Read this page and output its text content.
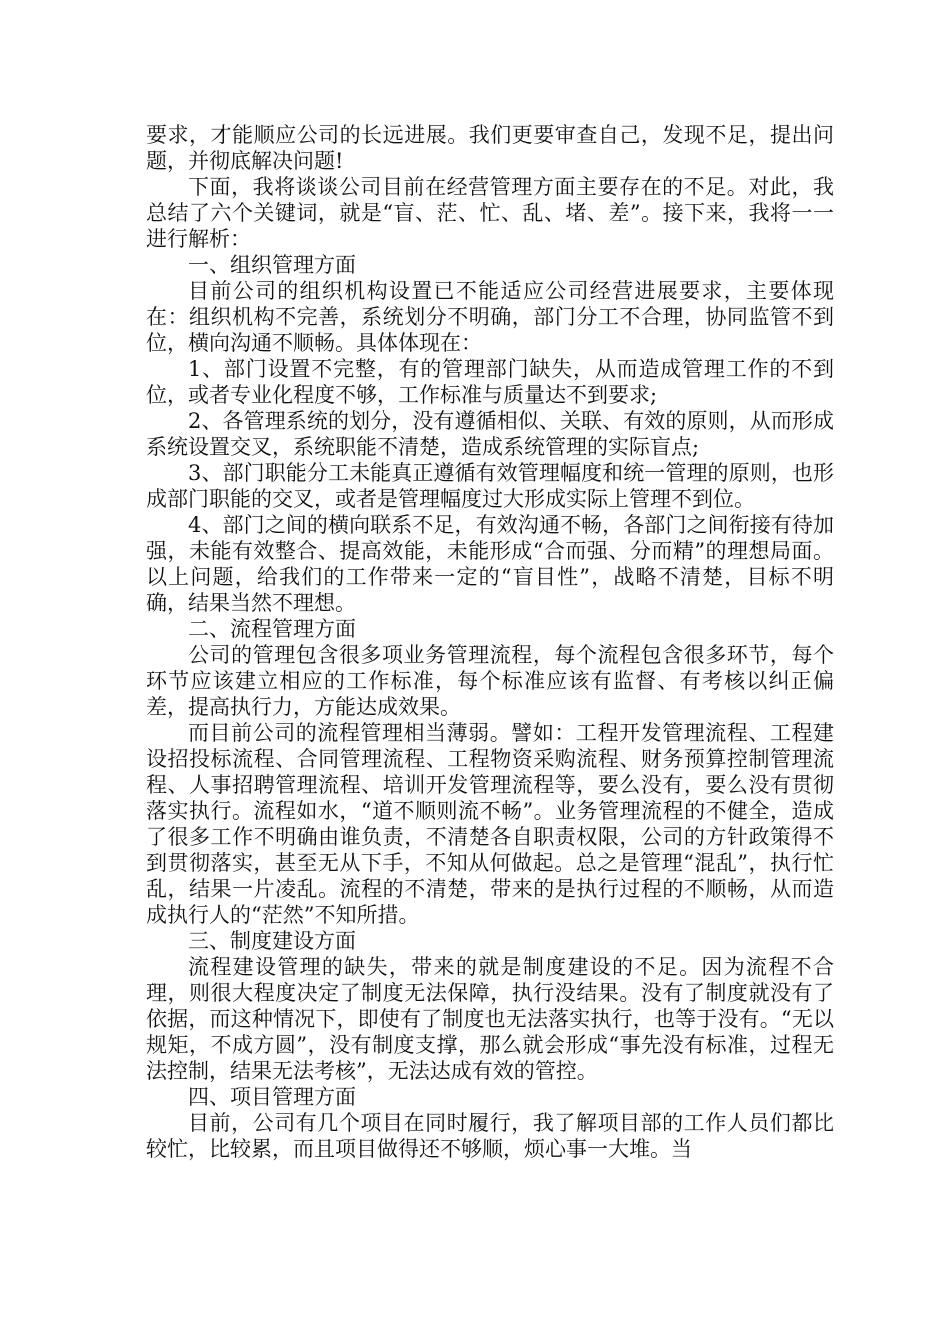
要求，才能顺应公司的长远进展。我们更要审查自己，发现不足，提出问题，并彻底解决问题!

下面，我将谈谈公司目前在经营管理方面主要存在的不足。对此，我总结了六个关键词，就是“盲、茫、忙、乱、堵、差”。接下来，我将一一进行解析：

一、组织管理方面

目前公司的组织机构设置已不能适应公司经营进展要求，主要体现在：组织机构不完善，系统划分不明确，部门分工不合理，协同监管不到位，横向沟通不顺畅。具体体现在：

1、部门设置不完整，有的管理部门缺失，从而造成管理工作的不到位，或者专业化程度不够，工作标准与质量达不到要求;

2、各管理系统的划分，没有遵循相似、关联、有效的原则，从而形成系统设置交叉，系统职能不清楚，造成系统管理的实际盲点;

3、部门职能分工未能真正遵循有效管理幅度和统一管理的原则，也形成部门职能的交叉，或者是管理幅度过大形成实际上管理不到位。

4、部门之间的横向联系不足，有效沟通不畅，各部门之间衔接有待加强，未能有效整合、提高效能，未能形成“合而强、分而精”的理想局面。以上问题，给我们的工作带来一定的“盲目性”，战略不清楚，目标不明确，结果当然不理想。

二、流程管理方面

公司的管理包含很多项业务管理流程，每个流程包含很多环节，每个环节应该建立相应的工作标准，每个标准应该有监督、有考核以纠正偏差，提高执行力，方能达成效果。

而目前公司的流程管理相当薄弱。譬如：工程开发管理流程、工程建设招投标流程、合同管理流程、工程物资采购流程、财务预算控制管理流程、人事招聘管理流程、培训开发管理流程等，要么没有，要么没有贯彻落实执行。流程如水，“道不顺则流不畅”。业务管理流程的不健全，造成了很多工作不明确由谁负责，不清楚各自职责权限，公司的方针政策得不到贯彻落实，甚至无从下手，不知从何做起。总之是管理“混乱”，执行忙乱，结果一片凌乱。流程的不清楚，带来的是执行过程的不顺畅，从而造成执行人的“茫然”不知所措。

三、制度建设方面

流程建设管理的缺失，带来的就是制度建设的不足。因为流程不合理，则很大程度决定了制度无法保障，执行没结果。没有了制度就没有了依据，而这种情况下，即使有了制度也无法落实执行，也等于没有。“无以规矩，不成方圆”，没有制度支撑，那么就会形成“事先没有标准，过程无法控制，结果无法考核”，无法达成有效的管控。

四、项目管理方面

目前，公司有几个项目在同时履行，我了解项目部的工作人员们都比较忙，比较累，而且项目做得还不够顺，烦心事一大堆。当
